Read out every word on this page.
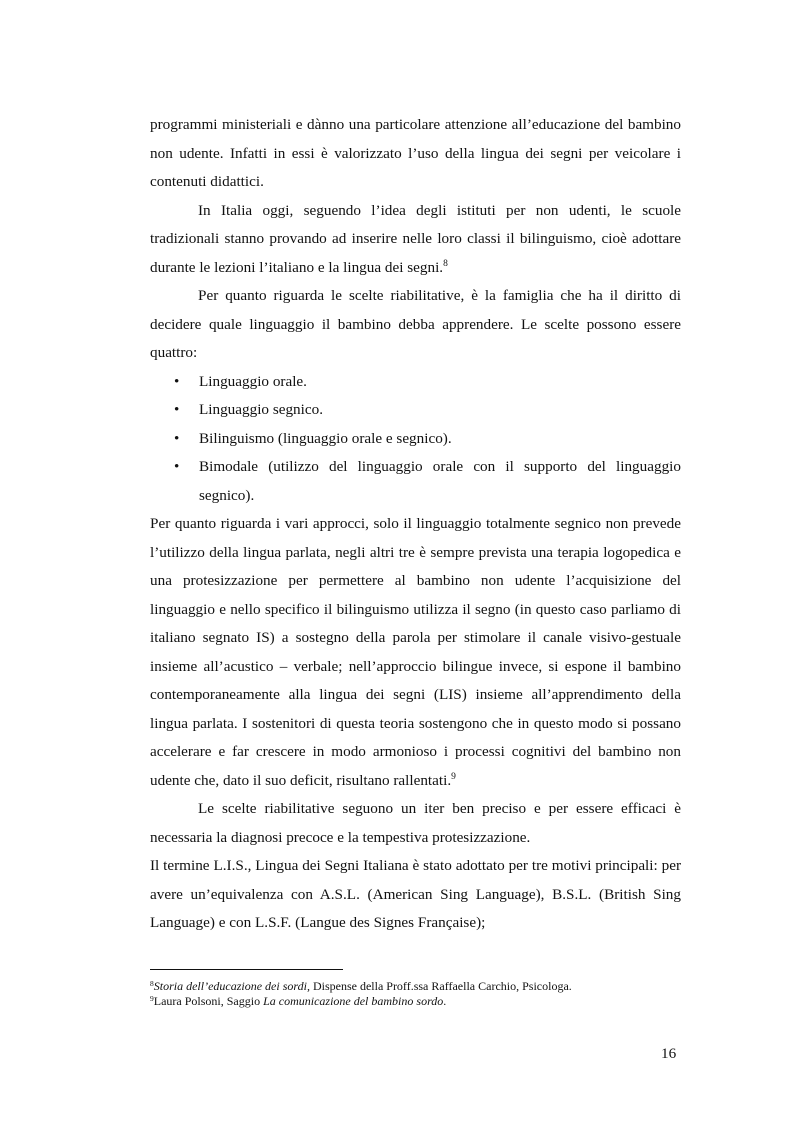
programmi ministeriali e dànno una particolare attenzione all’educazione del bambino non udente. Infatti in essi è valorizzato l’uso della lingua dei segni per veicolare i contenuti didattici.

In Italia oggi, seguendo l’idea degli istituti per non udenti, le scuole tradizionali stanno provando ad inserire nelle loro classi il bilinguismo, cioè adottare durante le lezioni l’italiano e la lingua dei segni.$^8$

Per quanto riguarda le scelte riabilitative, è la famiglia che ha il diritto di decidere quale linguaggio il bambino debba apprendere. Le scelte possono essere quattro:

• Linguaggio orale.
• Linguaggio segnico.
• Bilinguismo (linguaggio orale e segnico).
• Bimodale (utilizzo del linguaggio orale con il supporto del linguaggio segnico).

Per quanto riguarda i vari approcci, solo il linguaggio totalmente segnico non prevede l’utilizzo della lingua parlata, negli altri tre è sempre prevista una terapia logopedica e una protesizzazione per permettere al bambino non udente l’acquisizione del linguaggio e nello specifico il bilinguismo utilizza il segno (in questo caso parliamo di italiano segnato IS) a sostegno della parola per stimolare il canale visivo-gestuale insieme all’acustico – verbale; nell’approccio bilingue invece, si espone il bambino contemporaneamente alla lingua dei segni (LIS) insieme all’apprendimento della lingua parlata. I sostenitori di questa teoria sostengono che in questo modo si possano accelerare e far crescere in modo armonioso i processi cognitivi del bambino non udente che, dato il suo deficit, risultano rallentati.$^9$

Le scelte riabilitative seguono un iter ben preciso e per essere efficaci è necessaria la diagnosi precoce e la tempestiva protesizzazione.

Il termine L.I.S., Lingua dei Segni Italiana è stato adottato per tre motivi principali: per avere un’equivalenza con A.S.L. (American Sing Language), B.S.L. (British Sing Language) e con L.S.F. (Langue des Signes Française);

$^8$Storia dell’educazione dei sordi, Dispense della Proff.ssa Raffaella Carchio, Psicologa.
$^9$Laura Polsoni, Saggio La comunicazione del bambino sordo.
16
